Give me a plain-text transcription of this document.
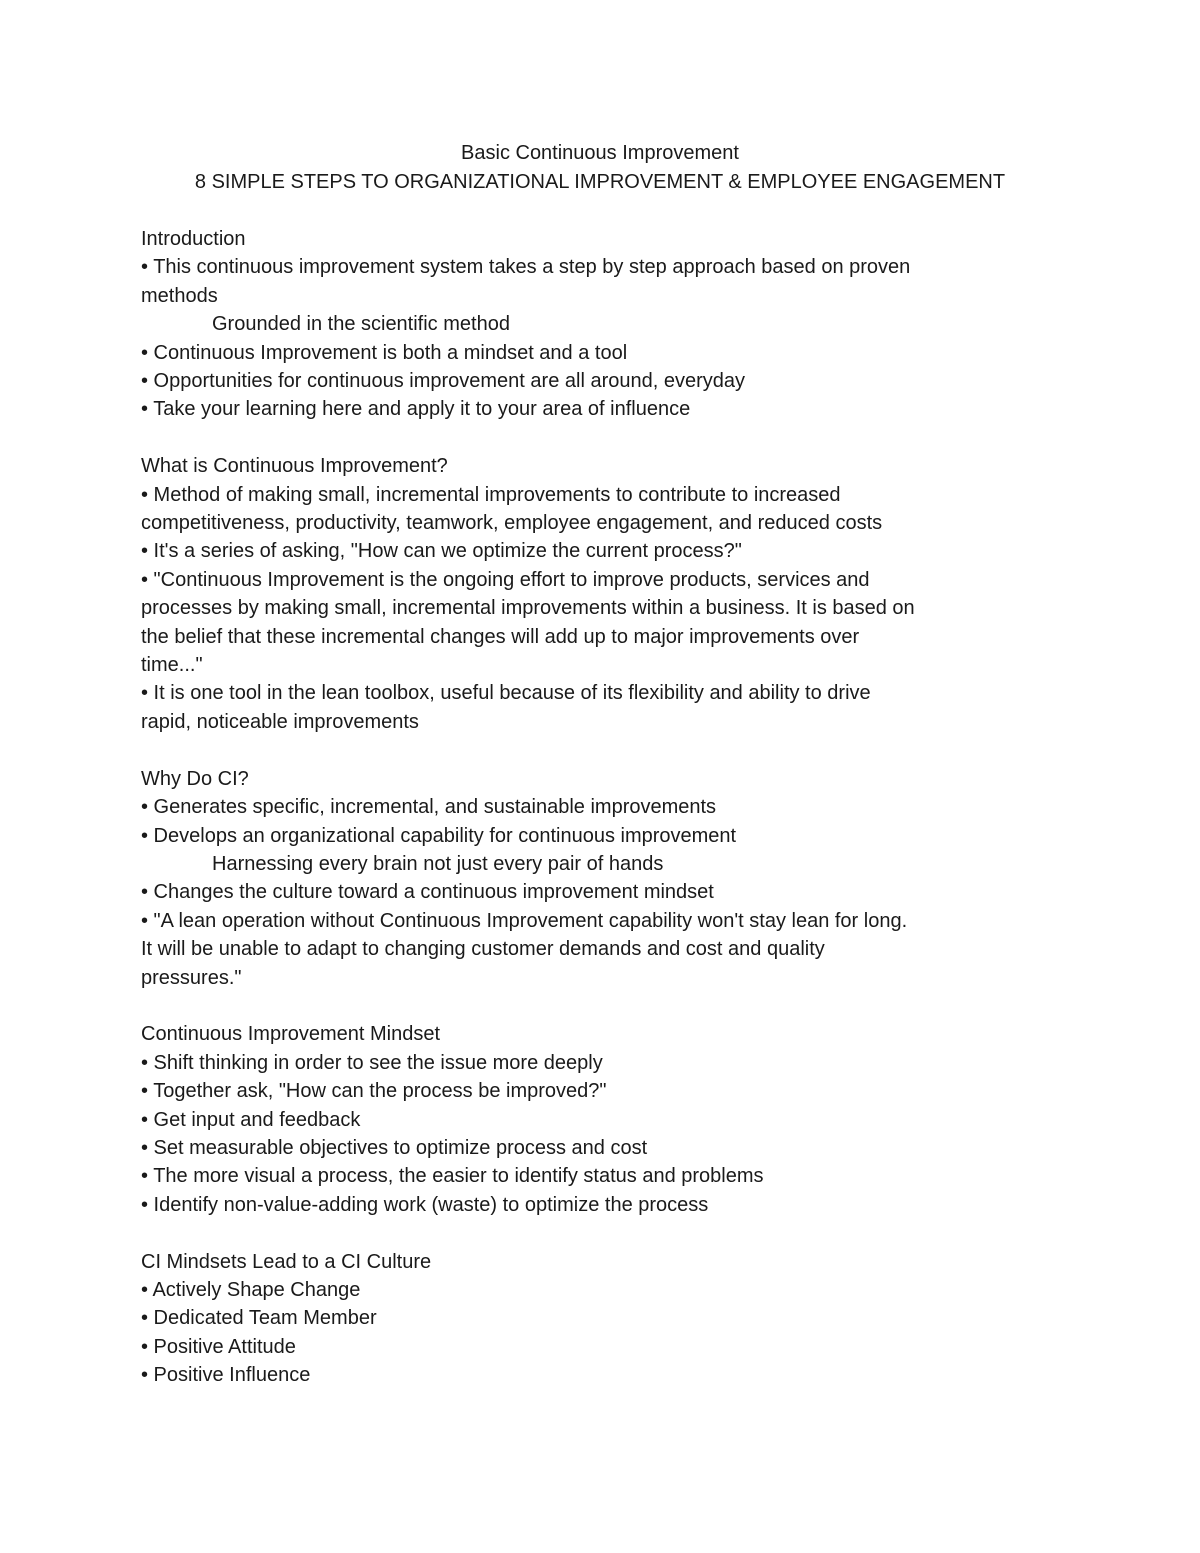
Basic Continuous Improvement
8 SIMPLE STEPS TO ORGANIZATIONAL IMPROVEMENT & EMPLOYEE ENGAGEMENT
Introduction
• This continuous improvement system takes a step by step approach based on proven
methods
Grounded in the scientific method
• Continuous Improvement is both a mindset and a tool
• Opportunities for continuous improvement are all around, everyday
• Take your learning here and apply it to your area of influence
What is Continuous Improvement?
• Method of making small, incremental improvements to contribute to increased
competitiveness, productivity, teamwork, employee engagement, and reduced costs
• It's a series of asking, "How can we optimize the current process?"
• "Continuous Improvement is the ongoing effort to improve products, services and
processes by making small, incremental improvements within a business. It is based on
the belief that these incremental changes will add up to major improvements over
time..."
• It is one tool in the lean toolbox, useful because of its flexibility and ability to drive
rapid, noticeable improvements
Why Do CI?
• Generates specific, incremental, and sustainable improvements
• Develops an organizational capability for continuous improvement
Harnessing every brain not just every pair of hands
• Changes the culture toward a continuous improvement mindset
• "A lean operation without Continuous Improvement capability won't stay lean for long.
It will be unable to adapt to changing customer demands and cost and quality
pressures."
Continuous Improvement Mindset
• Shift thinking in order to see the issue more deeply
• Together ask, "How can the process be improved?"
• Get input and feedback
• Set measurable objectives to optimize process and cost
• The more visual a process, the easier to identify status and problems
• Identify non-value-adding work (waste) to optimize the process
CI Mindsets Lead to a CI Culture
• Actively Shape Change
• Dedicated Team Member
• Positive Attitude
• Positive Influence
